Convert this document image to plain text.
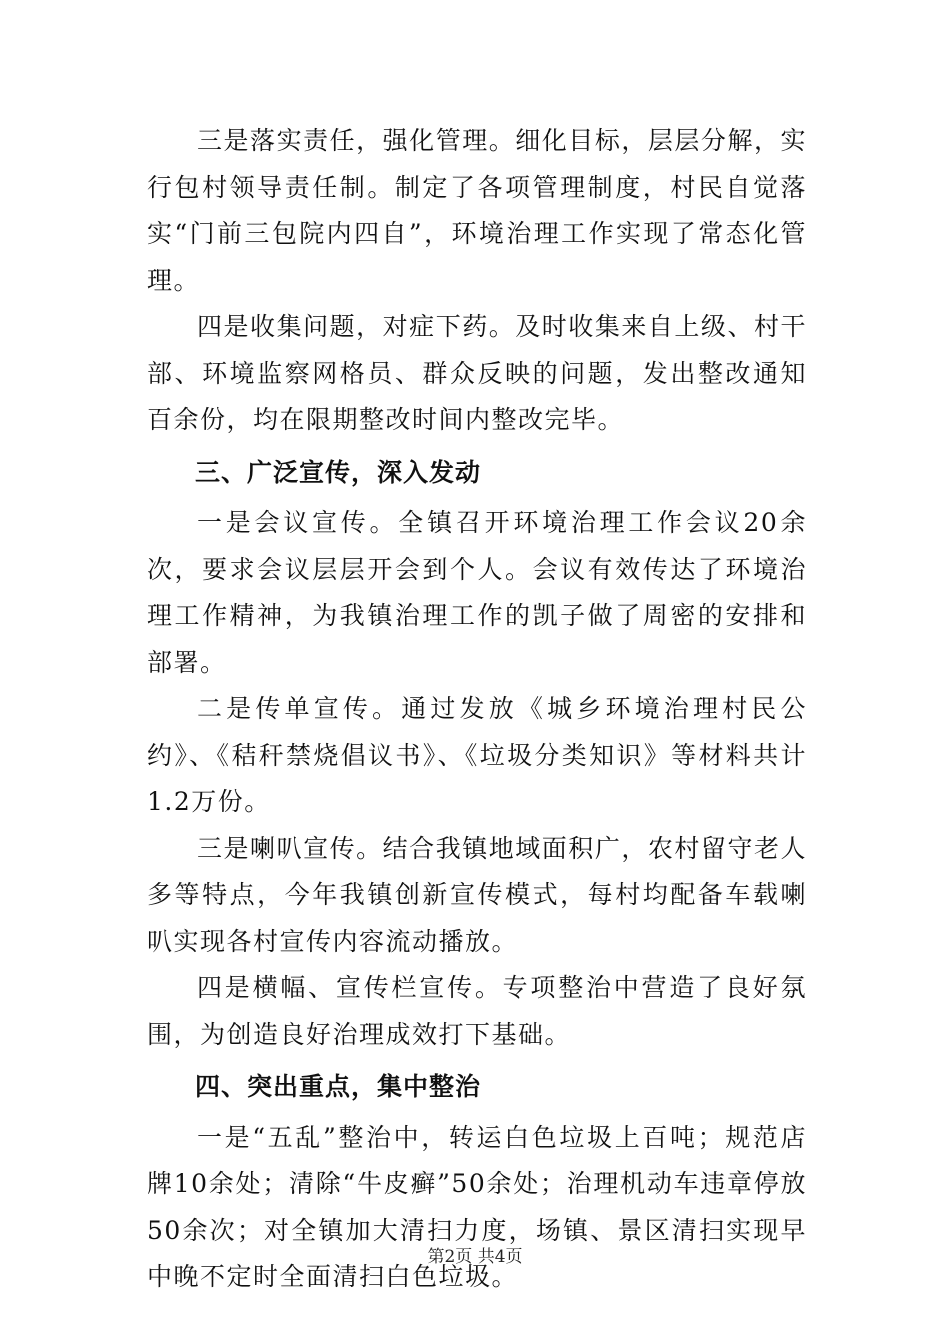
三是落实责任，强化管理。细化目标，层层分解，实行包村领导责任制。制定了各项管理制度，村民自觉落实“门前三包院内四自”，环境治理工作实现了常态化管理。

四是收集问题，对症下药。及时收集来自上级、村干部、环境监察网格员、群众反映的问题，发出整改通知百余份，均在限期整改时间内整改完毕。

三、广泛宣传，深入发动

一是会议宣传。全镇召开环境治理工作会议20余次，要求会议层层开会到个人。会议有效传达了环境治理工作精神，为我镇治理工作的凯子做了周密的安排和部署。

二是传单宣传。通过发放《城乡环境治理村民公约》、《秸秆禁烧倡议书》、《垃圾分类知识》等材料共计1.2万份。

三是喇叭宣传。结合我镇地域面积广，农村留守老人多等特点，今年我镇创新宣传模式，每村均配备车载喇叭实现各村宣传内容流动播放。

四是横幅、宣传栏宣传。专项整治中营造了良好氛围，为创造良好治理成效打下基础。

四、突出重点，集中整治

一是“五乱”整治中，转运白色垃圾上百吨；规范店牌10余处；清除“牛皮癣”50余处；治理机动车违章停放50余次；对全镇加大清扫力度，场镇、景区清扫实现早中晚不定时全面清扫白色垃圾。

第2页 共4页
